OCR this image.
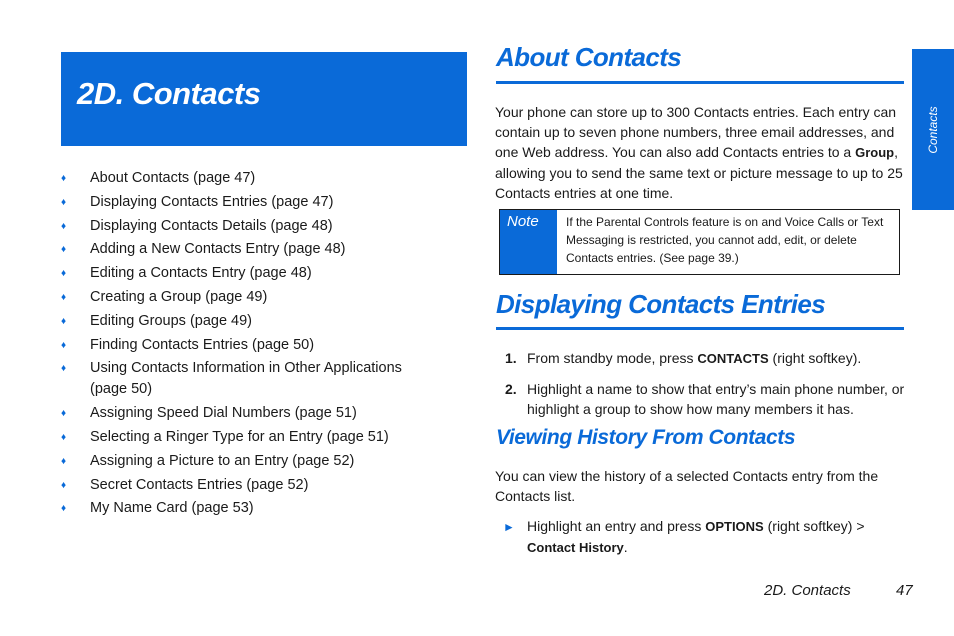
2D. Contacts
♦ About Contacts (page 47)
♦ Displaying Contacts Entries (page 47)
♦ Displaying Contacts Details (page 48)
♦ Adding a New Contacts Entry (page 48)
♦ Editing a Contacts Entry (page 48)
♦ Creating a Group (page 49)
♦ Editing Groups (page 49)
♦ Finding Contacts Entries (page 50)
♦ Using Contacts Information in Other Applications (page 50)
♦ Assigning Speed Dial Numbers (page 51)
♦ Selecting a Ringer Type for an Entry (page 51)
♦ Assigning a Picture to an Entry (page 52)
♦ Secret Contacts Entries (page 52)
♦ My Name Card (page 53)
Contacts
About Contacts

Your phone can store up to 300 Contacts entries. Each entry can contain up to seven phone numbers, three email addresses, and one Web address. You can also add Contacts entries to a Group, allowing you to send the same text or picture message to up to 25 Contacts entries at one time.

Note If the Parental Controls feature is on and Voice Calls or Text Messaging is restricted, you cannot add, edit, or delete Contacts entries. (See page 39.)
Displaying Contacts Entries
1. From standby mode, press CONTACTS (right softkey).
2. Highlight a name to show that entry’s main phone number, or highlight a group to show how many members it has.
Viewing History From Contacts

You can view the history of a selected Contacts entry from the Contacts list.

► Highlight an entry and press OPTIONS (right softkey) > Contact History.
2D. Contacts	47
